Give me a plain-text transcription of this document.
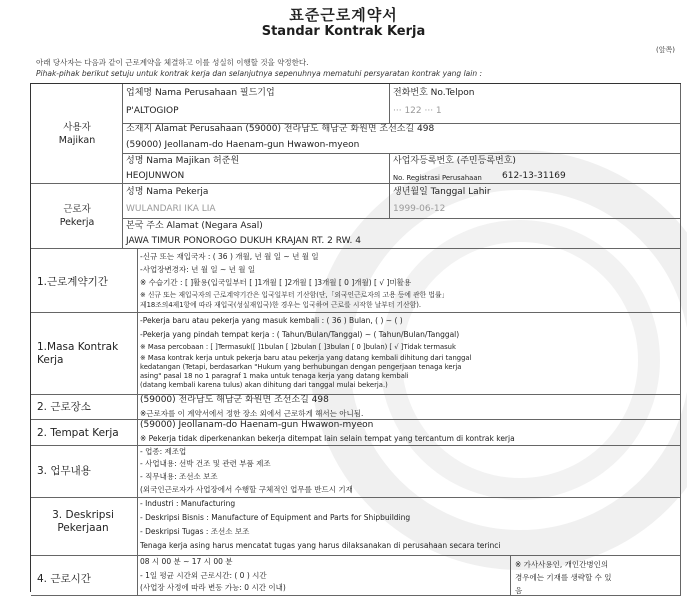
표준근로계약서
Standar Kontrak Kerja
(앞쪽)
아래 당사자는 다음과 같이 근로계약을 체결하고 이를 성실히 이행할 것을 약정한다.
Pihak-pihak berikut setuju untuk kontrak kerja dan selanjutnya sepenuhnya mematuhi persyaratan kontrak yang lain :
사용자
Majikan
업체명 Nama Perusahaan 필드기업
P'ALTOGIOP
전화번호 No.Telpon
··· 122 ··· 1
소재지 Alamat Perusahaan (59000) 전라남도 해남군 화원면 조선소길 498
(59000) Jeollanam-do Haenam-gun Hwawon-myeon
성명 Nama Majikan 허준원
HEOJUNWON
사업자등록번호 (주민등록번호)
No. Registrasi Perusahaan 612-13-31169
근로자
Pekerja
성명 Nama Pekerja
WULANDARI IKA LIA
생년월일 Tanggal Lahir
1999-06-12
본국 주소 Alamat (Negara Asal)
JAWA TIMUR PONOROGO DUKUH KRAJAN RT. 2 RW. 4
1.근로계약기간
-신규 또는 재입국자 : ( 36 ) 개월, 년 월 일 ~ 년 월 일
-사업장변경자: 년 월 일 ~ 년 월 일
※ 수습기간 : [ ]활용(입국일부터 [ ]1개월 [ ]2개월 [ ]3개월 [ 0 ]개월) [ √ ]미활용
※ 신규 또는 재입국자의 근로계약기간은 입국일부터 기산함(단,「외국인근로자의 고용 등에 관한 법률」
제18조의4제1항에 따라 재입국(성실재입국)한 경우는 입국하여 근로를 시작한 날부터 기산함).
1.Masa Kontrak Kerja
-Pekerja baru atau pekerja yang masuk kembali : ( 36 ) Bulan, ( ) ~ ( )
-Pekerja yang pindah tempat kerja : ( Tahun/Bulan/Tanggal) ~ ( Tahun/Bulan/Tanggal)
※ Masa percobaan : [ ]Termasuk([ ]1bulan [ ]2bulan [ ]3bulan [ 0 ]bulan) [ √ ]Tidak termasuk
※ Masa kontrak kerja untuk pekerja baru atau pekerja yang datang kembali dihitung dari tanggal
kedatangan (Tetapi, berdasarkan "Hukum yang berhubungan dengan pengerjaan tenaga kerja
asing" pasal 18 no 1 paragraf 1 maka untuk tenaga kerja yang datang kembali
(datang kembali karena tulus) akan dihitung dari tanggal mulai bekerja.)
2. 근로장소
(59000) 전라남도 해남군 화원면 조선소길 498
※근로자를 이 계약서에서 정한 장소 외에서 근로하게 해서는 아니됨.
2. Tempat Kerja
(59000) Jeollanam-do Haenam-gun Hwawon-myeon
※ Pekerja tidak diperkenankan bekerja ditempat lain selain tempat yang tercantum di kontrak kerja
3. 업무내용
- 업종: 제조업
- 사업내용: 선박 건조 및 관련 부품 제조
- 직무내용: 조선소 보조
(외국인근로자가 사업장에서 수행할 구체적인 업무를 반드시 기재
3. Deskripsi Pekerjaan
- Industri : Manufacturing
- Deskripsi Bisnis : Manufacture of Equipment and Parts for Shipbuilding
- Deskripsi Tugas : 조선소 보조
Tenaga kerja asing harus mencatat tugas yang harus dilaksanakan di perusahaan secara terinci
4. 근로시간
08 시 00 분 ~ 17 시 00 분
- 1일 평균 시간외 근로시간: ( 0 ) 시간
(사업장 사정에 따라 변동 가능: 0 시간 이내)
※ 가사사용인, 개인간병인의
경우에는 기재를 생략할 수 있
음
